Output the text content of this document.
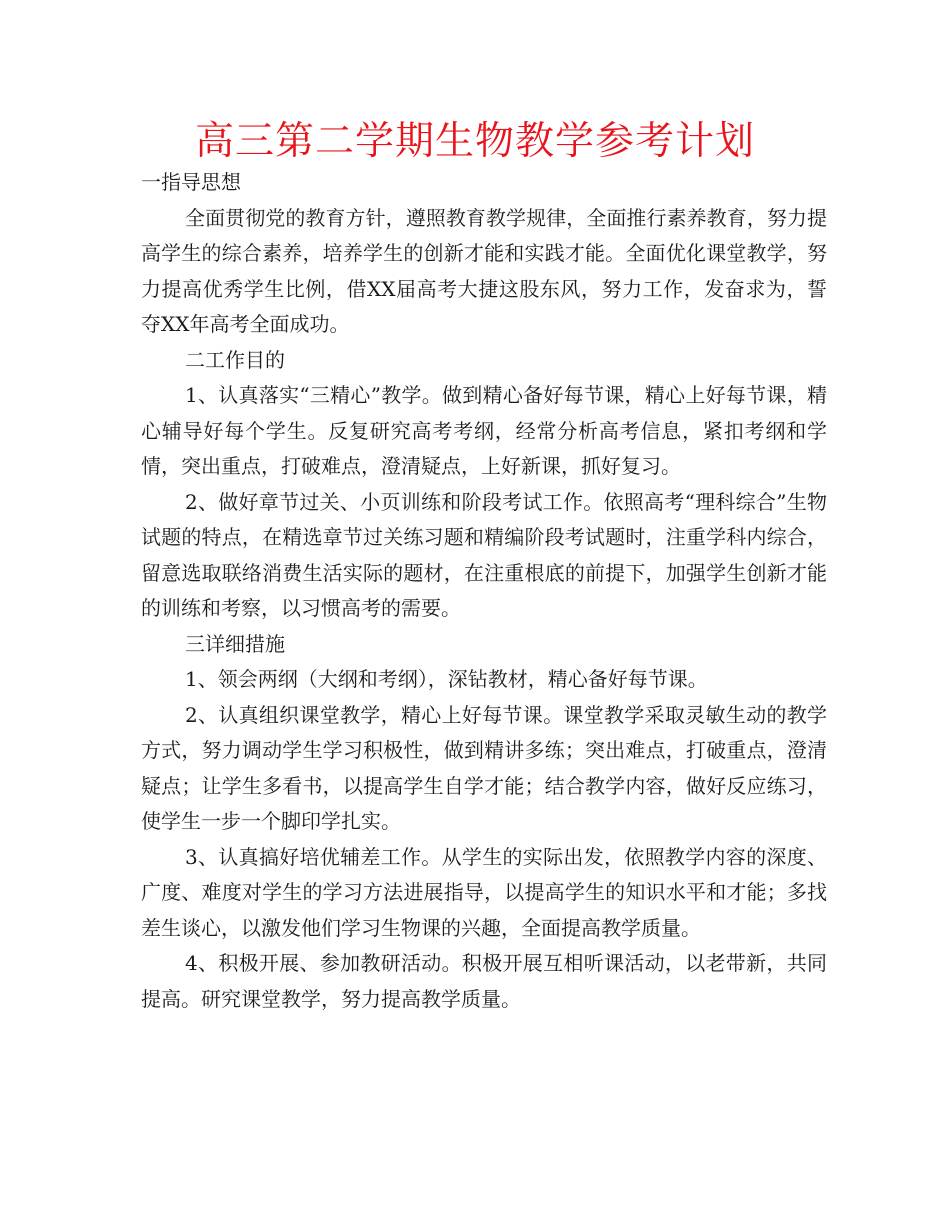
高三第二学期生物教学参考计划

一指导思想

全面贯彻党的教育方针，遵照教育教学规律，全面推行素养教育，努力提高学生的综合素养，培养学生的创新才能和实践才能。全面优化课堂教学，努力提高优秀学生比例，借XX届高考大捷这股东风，努力工作，发奋求为，誓夺XX年高考全面成功。

二工作目的

1、认真落实“三精心”教学。做到精心备好每节课，精心上好每节课，精心辅导好每个学生。反复研究高考考纲，经常分析高考信息，紧扣考纲和学情，突出重点，打破难点，澄清疑点，上好新课，抓好复习。

2、做好章节过关、小页训练和阶段考试工作。依照高考“理科综合”生物试题的特点，在精选章节过关练习题和精编阶段考试题时，注重学科内综合，留意选取联络消费生活实际的题材，在注重根底的前提下，加强学生创新才能的训练和考察，以习惯高考的需要。

三详细措施

1、领会两纲（大纲和考纲），深钻教材，精心备好每节课。

2、认真组织课堂教学，精心上好每节课。课堂教学采取灵敏生动的教学方式，努力调动学生学习积极性，做到精讲多练；突出难点，打破重点，澄清疑点；让学生多看书，以提高学生自学才能；结合教学内容，做好反应练习，使学生一步一个脚印学扎实。

3、认真搞好培优辅差工作。从学生的实际出发，依照教学内容的深度、广度、难度对学生的学习方法进展指导，以提高学生的知识水平和才能；多找差生谈心，以激发他们学习生物课的兴趣，全面提高教学质量。

4、积极开展、参加教研活动。积极开展互相听课活动，以老带新，共同提高。研究课堂教学，努力提高教学质量。
